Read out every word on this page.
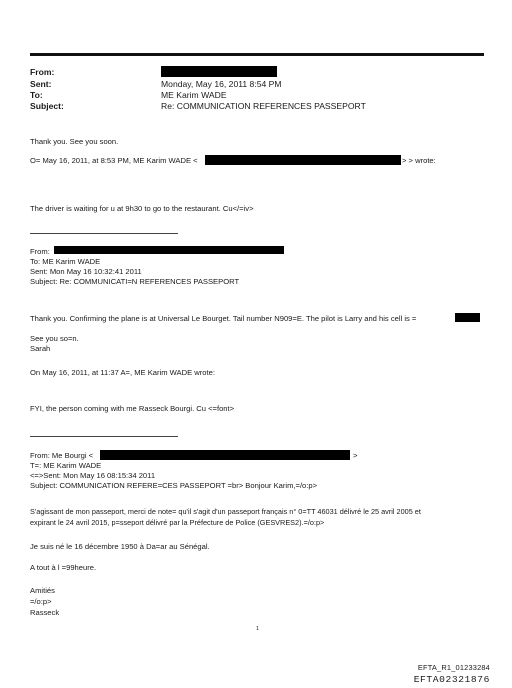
From:
Sent:	Monday, May 16, 2011 8:54 PM
To:	ME Karim WADE
Subject:	Re: COMMUNICATION REFERENCES PASSEPORT
Thank you. See you soon.
O= May 16, 2011, at 8:53 PM, ME Karim WADE <	> > wrote:
The driver is waiting for u at 9h30 to go to the restaurant. Cu</=iv>
From:
To: ME Karim WADE
Sent: Mon May 16 10:32:41 2011
Subject: Re: COMMUNICATI=N REFERENCES PASSEPORT
Thank you. Confirming the plane is at Universal Le Bourget. Tail number N909=E. The pilot is Larry and his cell is =
See you so=n.
Sarah
On May 16, 2011, at 11:37 A=, ME Karim WADE wrote:
FYI, the person coming with me Rasseck Bourgi. Cu <=font>
From: Me Bourgi <	>
T=: ME Karim WADE
<=>Sent: Mon May 16 08:15:34 2011
Subject: COMMUNICATION REFERE=CES PASSEPORT =br> Bonjour Karim,=/o:p>
S'agissant de mon passeport, merci de note= qu'il s'agit d'un passeport français n° 0=TT 46031 délivré le 25 avril 2005 et
expirant le 24 avril 2015, p=sseport délivré par la Préfecture de Police (GESVRES2).=/o:p>
Je suis né le 16 décembre 1950 à Da=ar au Sénégal.
A tout à l =99heure.
Amitiés
=/o:p>
Rasseck
1
EFTA_R1_01233284
EFTA02321876
